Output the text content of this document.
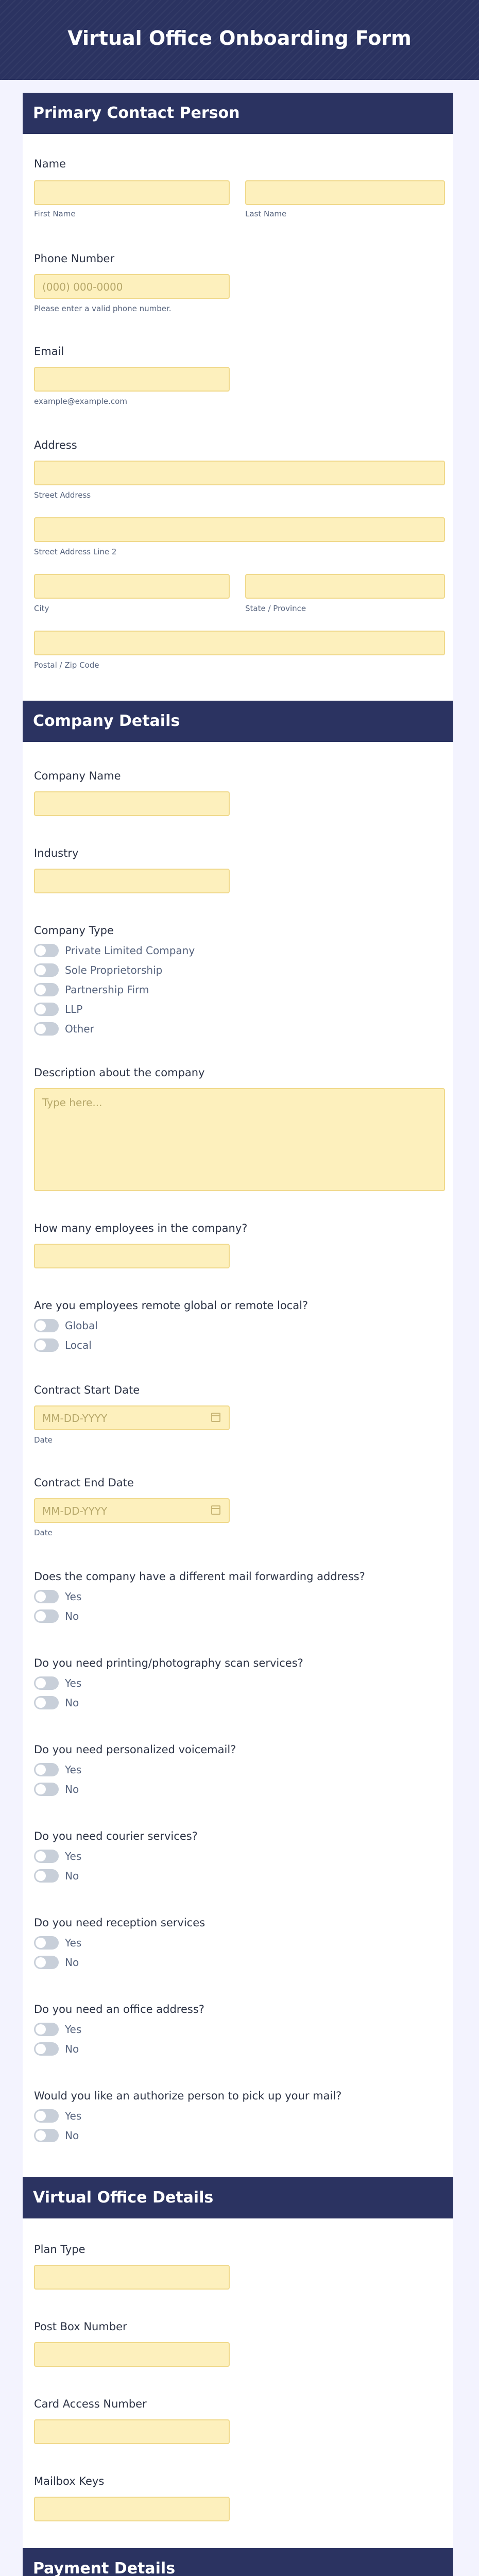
Virtual Office Onboarding Form
Primary Contact Person
Name
First Name	Last Name
Phone Number
(000) 000-0000
Please enter a valid phone number.
Email
example@example.com
Address
Street Address
Street Address Line 2
City	State / Province
Postal / Zip Code
Company Details
Company Name
Industry
Company Type
Private Limited Company
Sole Proprietorship
Partnership Firm
LLP
Other
Description about the company
Type here...
How many employees in the company?
Are you employees remote global or remote local?
Global
Local
Contract Start Date
MM-DD-YYYY
Date
Contract End Date
MM-DD-YYYY
Date
Does the company have a different mail forwarding address?
Yes
No
Do you need printing/photography scan services?
Yes
No
Do you need personalized voicemail?
Yes
No
Do you need courier services?
Yes
No
Do you need reception services
Yes
No
Do you need an office address?
Yes
No
Would you like an authorize person to pick up your mail?
Yes
No
Virtual Office Details
Plan Type
Post Box Number
Card Access Number
Mailbox Keys
Payment Details
